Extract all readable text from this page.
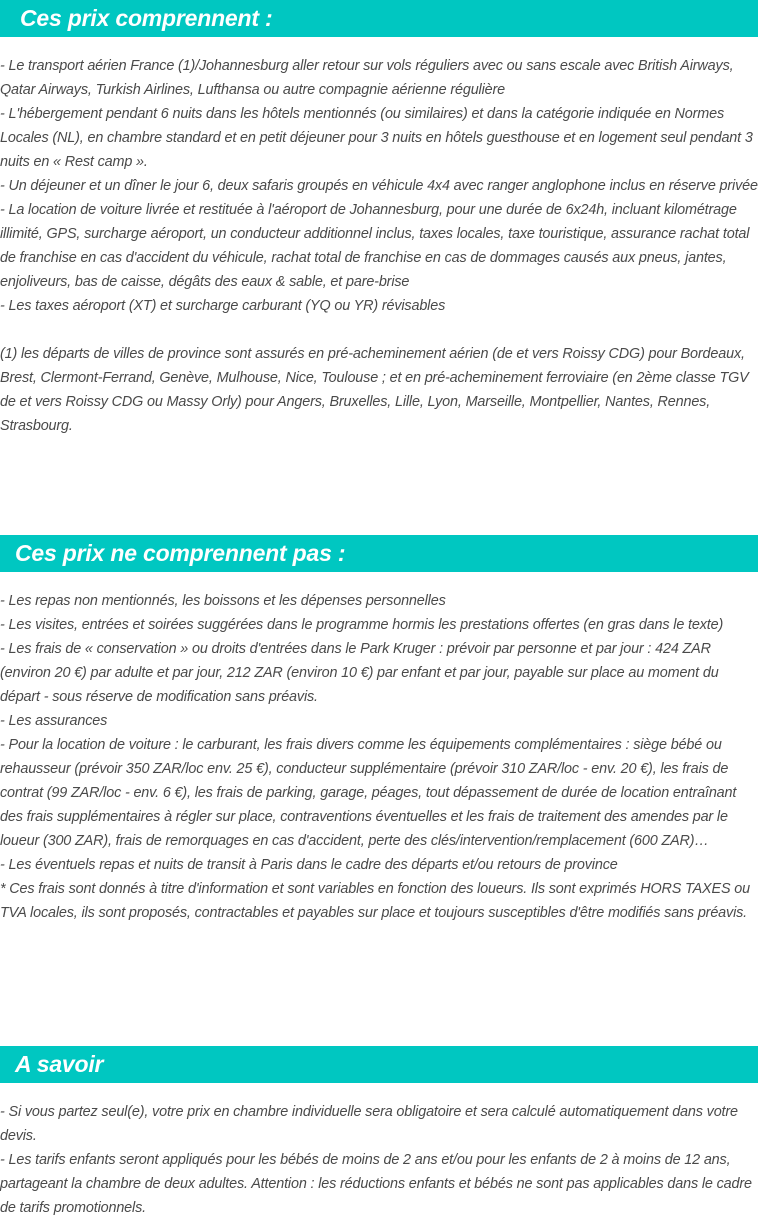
Ces prix comprennent :

- Le transport aérien France (1)/Johannesburg aller retour sur vols réguliers avec ou sans escale avec British Airways, Qatar Airways, Turkish Airlines, Lufthansa ou autre compagnie aérienne régulière

- L'hébergement pendant 6 nuits dans les hôtels mentionnés (ou similaires) et dans la catégorie indiquée en Normes Locales (NL), en chambre standard et en petit déjeuner pour 3 nuits en hôtels guesthouse et en logement seul pendant 3 nuits en « Rest camp ».

- Un déjeuner et un dîner le jour 6, deux safaris groupés en véhicule 4x4 avec ranger anglophone inclus en réserve privée

- La location de voiture livrée et restituée à l'aéroport de Johannesburg, pour une durée de 6x24h, incluant kilométrage illimité, GPS, surcharge aéroport, un conducteur additionnel inclus, taxes locales, taxe touristique, assurance rachat total de franchise en cas d'accident du véhicule, rachat total de franchise en cas de dommages causés aux pneus, jantes, enjoliveurs, bas de caisse, dégâts des eaux & sable, et pare-brise

- Les taxes aéroport (XT) et surcharge carburant (YQ ou YR) révisables

(1) les départs de villes de province sont assurés en pré-acheminement aérien (de et vers Roissy CDG) pour Bordeaux, Brest, Clermont-Ferrand, Genève, Mulhouse, Nice, Toulouse ; et en pré-acheminement ferroviaire (en 2ème classe TGV de et vers Roissy CDG ou Massy Orly) pour Angers, Bruxelles, Lille, Lyon, Marseille, Montpellier, Nantes, Rennes, Strasbourg.

Ces prix ne comprennent pas :

- Les repas non mentionnés, les boissons et les dépenses personnelles

- Les visites, entrées et soirées suggérées dans le programme hormis les prestations offertes (en gras dans le texte)

- Les frais de « conservation » ou droits d'entrées dans le Park Kruger : prévoir par personne et par jour : 424 ZAR (environ 20 €) par adulte et par jour, 212 ZAR (environ 10 €) par enfant et par jour, payable sur place au moment du départ - sous réserve de modification sans préavis.

- Les assurances

- Pour la location de voiture : le carburant, les frais divers comme les équipements complémentaires : siège bébé ou rehausseur (prévoir 350 ZAR/loc env. 25 €), conducteur supplémentaire (prévoir 310 ZAR/loc - env. 20 €), les frais de contrat (99 ZAR/loc - env. 6 €), les frais de parking, garage, péages, tout dépassement de durée de location entraînant des frais supplémentaires à régler sur place, contraventions éventuelles et les frais de traitement des amendes par le loueur (300 ZAR), frais de remorquages en cas d'accident, perte des clés/intervention/remplacement (600 ZAR)…

- Les éventuels repas et nuits de transit à Paris dans le cadre des départs et/ou retours de province

* Ces frais sont donnés à titre d'information et sont variables en fonction des loueurs. Ils sont exprimés HORS TAXES ou TVA locales, ils sont proposés, contractables et payables sur place et toujours susceptibles d'être modifiés sans préavis.

A savoir

- Si vous partez seul(e), votre prix en chambre individuelle sera obligatoire et sera calculé automatiquement dans votre devis.

- Les tarifs enfants seront appliqués pour les bébés de moins de 2 ans et/ou pour les enfants de 2 à moins de 12 ans, partageant la chambre de deux adultes. Attention : les réductions enfants et bébés ne sont pas applicables dans le cadre de tarifs promotionnels.
